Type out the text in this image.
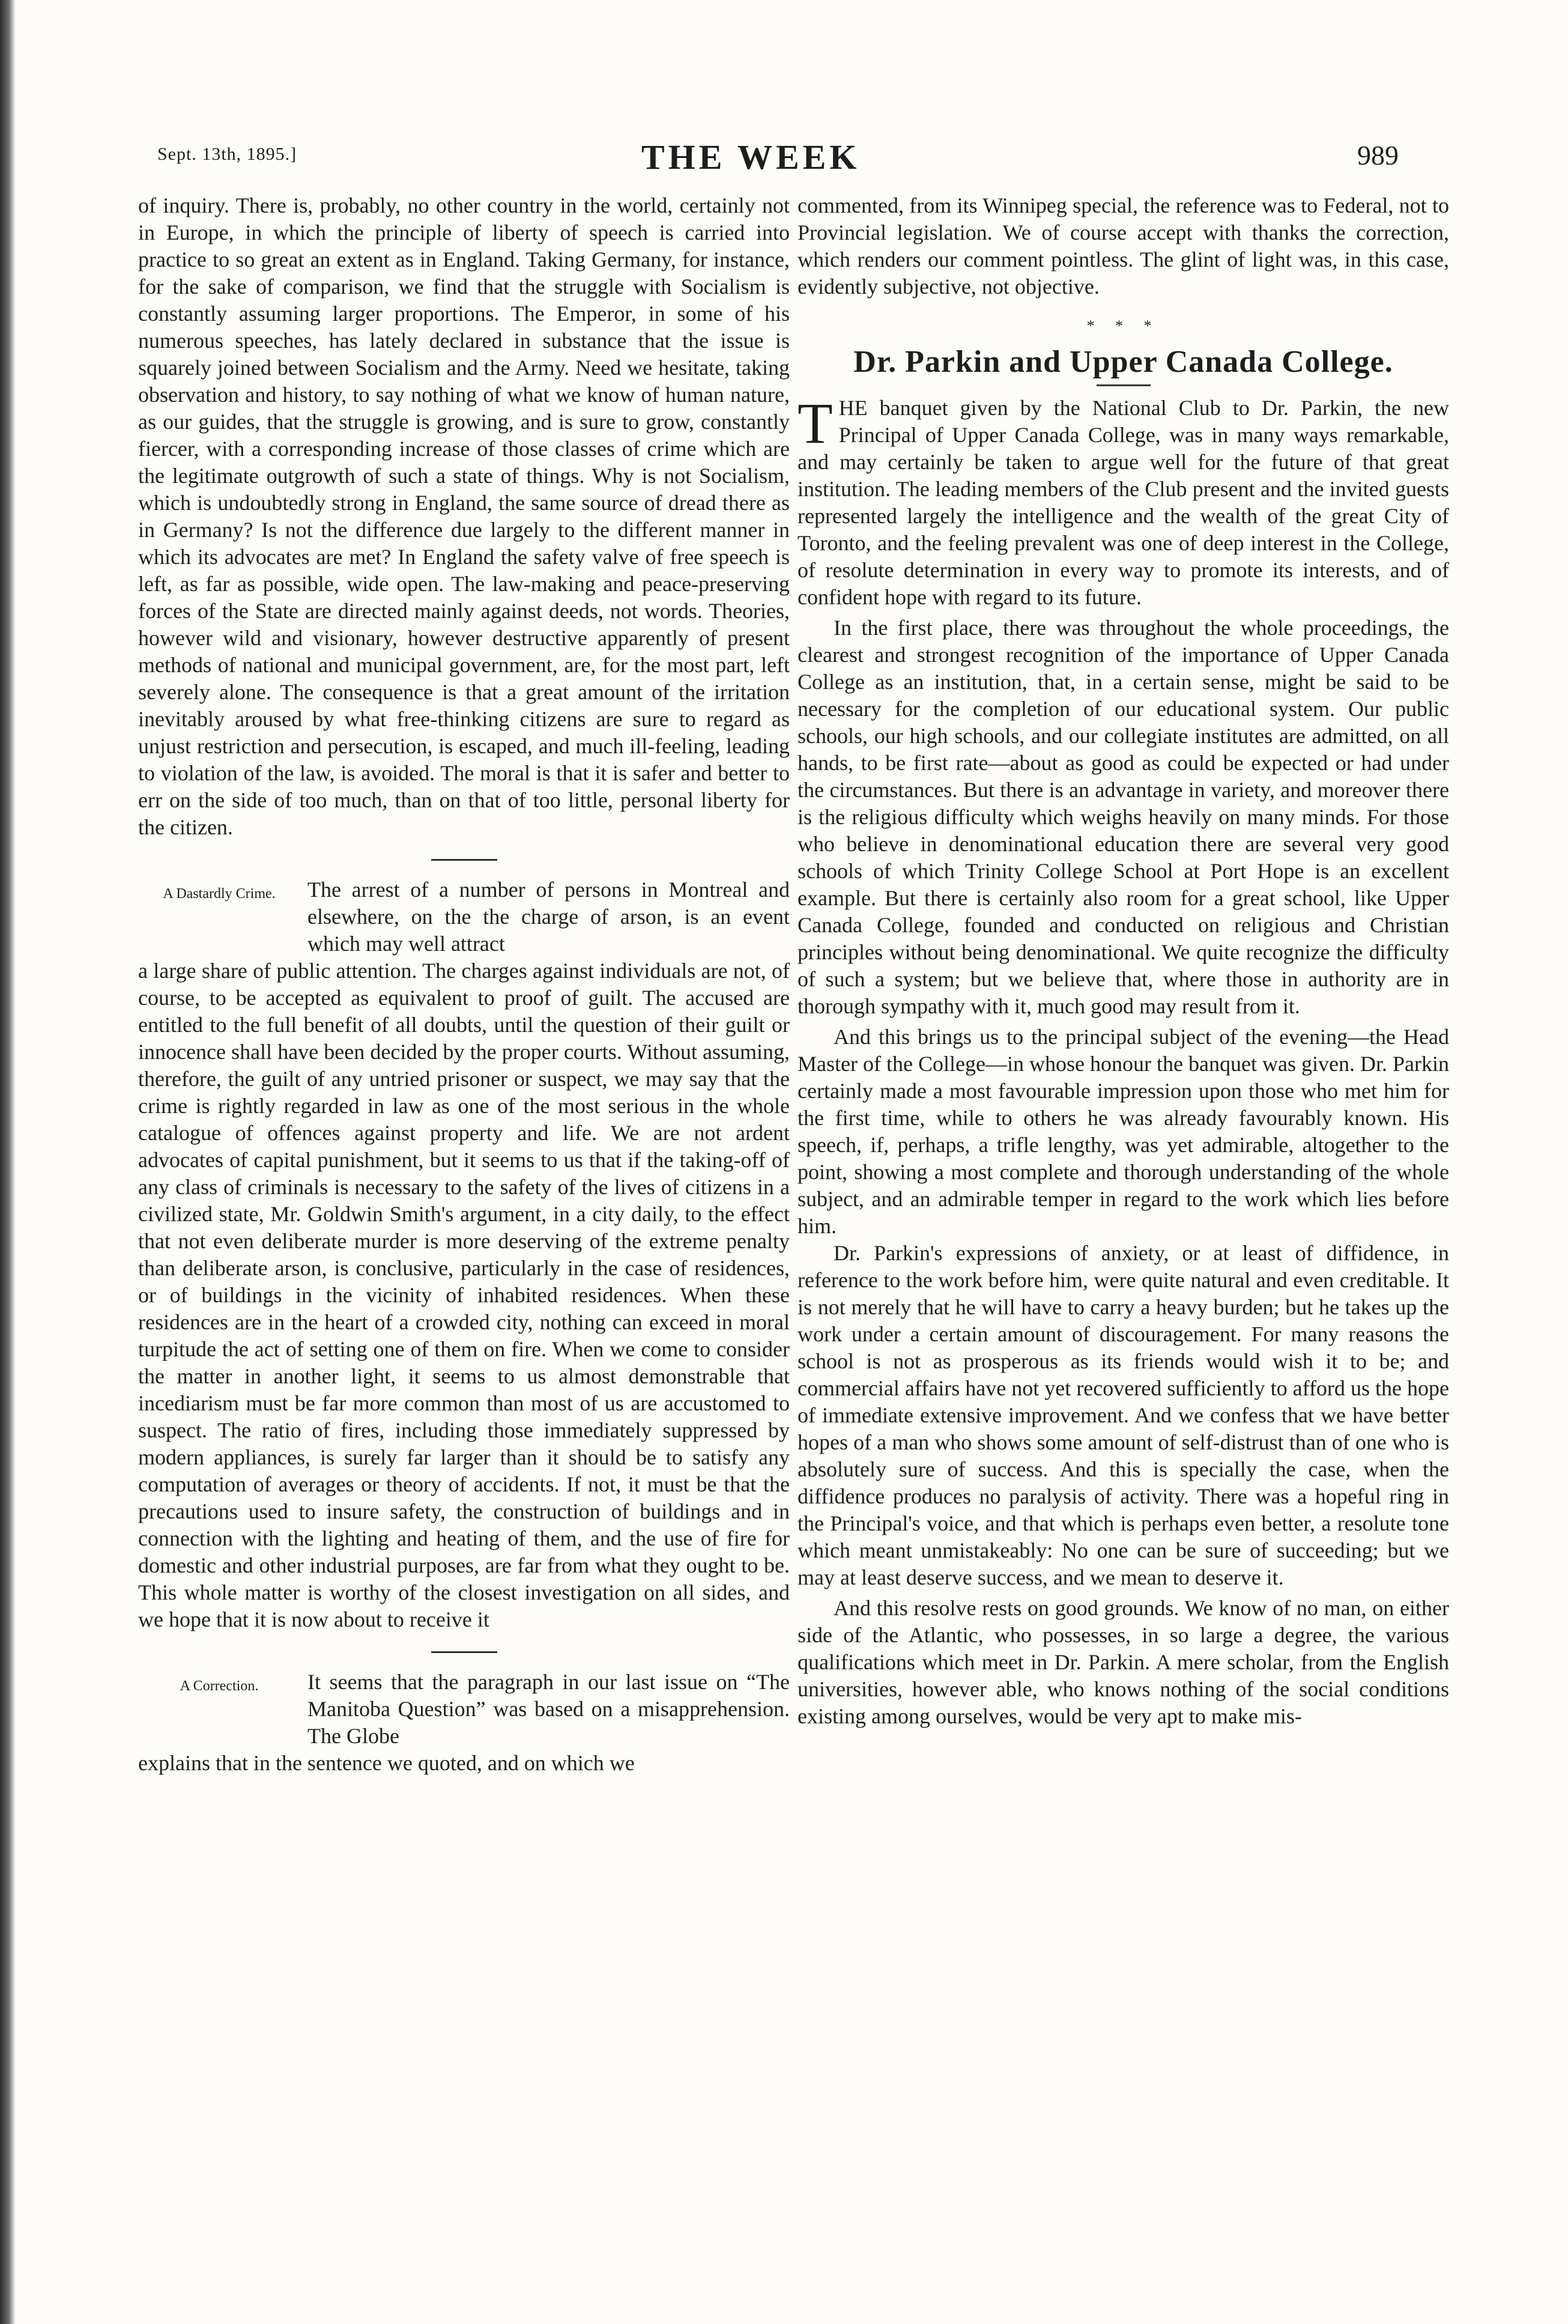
Sept. 13th, 1895.]	THE WEEK	989

of inquiry. There is, probably, no other country in the world, certainly not in Europe, in which the principle of liberty of speech is carried into practice to so great an extent as in England. Taking Germany, for instance, for the sake of comparison, we find that the struggle with Socialism is constantly assuming larger proportions. The Emperor, in some of his numerous speeches, has lately declared in substance that the issue is squarely joined between Socialism and the Army. Need we hesitate, taking observation and history, to say nothing of what we know of human nature, as our guides, that the struggle is growing, and is sure to grow, constantly fiercer, with a corresponding increase of those classes of crime which are the legitimate outgrowth of such a state of things. Why is not Socialism, which is undoubtedly strong in England, the same source of dread there as in Germany? Is not the difference due largely to the different manner in which its advocates are met? In England the safety valve of free speech is left, as far as possible, wide open. The law-making and peace-preserving forces of the State are directed mainly against deeds, not words. Theories, however wild and visionary, however destructive apparently of present methods of national and municipal government, are, for the most part, left severely alone. The consequence is that a great amount of the irritation inevitably aroused by what free-thinking citizens are sure to regard as unjust restriction and persecution, is escaped, and much ill-feeling, leading to violation of the law, is avoided. The moral is that it is safer and better to err on the side of too much, than on that of too little, personal liberty for the citizen.

A Dastardly Crime.	The arrest of a number of persons in Montreal and elsewhere, on the the charge of arson, is an event which may well attract

a large share of public attention. The charges against individuals are not, of course, to be accepted as equivalent to proof of guilt. The accused are entitled to the full benefit of all doubts, until the question of their guilt or innocence shall have been decided by the proper courts. Without assuming, therefore, the guilt of any untried prisoner or suspect, we may say that the crime is rightly regarded in law as one of the most serious in the whole catalogue of offences against property and life. We are not ardent advocates of capital punishment, but it seems to us that if the taking-off of any class of criminals is necessary to the safety of the lives of citizens in a civilized state, Mr. Goldwin Smith's argument, in a city daily, to the effect that not even deliberate murder is more deserving of the extreme penalty than deliberate arson, is conclusive, particularly in the case of residences, or of buildings in the vicinity of inhabited residences. When these residences are in the heart of a crowded city, nothing can exceed in moral turpitude the act of setting one of them on fire. When we come to consider the matter in another light, it seems to us almost demonstrable that incediarism must be far more common than most of us are accustomed to suspect. The ratio of fires, including those immediately suppressed by modern appliances, is surely far larger than it should be to satisfy any computation of averages or theory of accidents. If not, it must be that the precautions used to insure safety, the construction of buildings and in connection with the lighting and heating of them, and the use of fire for domestic and other industrial purposes, are far from what they ought to be. This whole matter is worthy of the closest investigation on all sides, and we hope that it is now about to receive it

A Correction.	It seems that the paragraph in our last issue on “The Manitoba Question” was based on a misapprehension. The Globe

explains that in the sentence we quoted, and on which we

commented, from its Winnipeg special, the reference was to Federal, not to Provincial legislation. We of course accept with thanks the correction, which renders our comment pointless. The glint of light was, in this case, evidently subjective, not objective.

* * *
Dr. Parkin and Upper Canada College.

T HE banquet given by the National Club to Dr. Parkin, the new Principal of Upper Canada College, was in many ways remarkable, and may certainly be taken to argue well for the future of that great institution. The leading members of the Club present and the invited guests represented largely the intelligence and the wealth of the great City of Toronto, and the feeling prevalent was one of deep interest in the College, of resolute determination in every way to promote its interests, and of confident hope with regard to its future.

In the first place, there was throughout the whole proceedings, the clearest and strongest recognition of the importance of Upper Canada College as an institution, that, in a certain sense, might be said to be necessary for the completion of our educational system. Our public schools, our high schools, and our collegiate institutes are admitted, on all hands, to be first rate—about as good as could be expected or had under the circumstances. But there is an advantage in variety, and moreover there is the religious difficulty which weighs heavily on many minds. For those who believe in denominational education there are several very good schools of which Trinity College School at Port Hope is an excellent example. But there is certainly also room for a great school, like Upper Canada College, founded and conducted on religious and Christian principles without being denominational. We quite recognize the difficulty of such a system; but we believe that, where those in authority are in thorough sympathy with it, much good may result from it.

And this brings us to the principal subject of the evening—the Head Master of the College—in whose honour the banquet was given. Dr. Parkin certainly made a most favourable impression upon those who met him for the first time, while to others he was already favourably known. His speech, if, perhaps, a trifle lengthy, was yet admirable, altogether to the point, showing a most complete and thorough understanding of the whole subject, and an admirable temper in regard to the work which lies before him.

Dr. Parkin's expressions of anxiety, or at least of diffidence, in reference to the work before him, were quite natural and even creditable. It is not merely that he will have to carry a heavy burden; but he takes up the work under a certain amount of discouragement. For many reasons the school is not as prosperous as its friends would wish it to be; and commercial affairs have not yet recovered sufficiently to afford us the hope of immediate extensive improvement. And we confess that we have better hopes of a man who shows some amount of self-distrust than of one who is absolutely sure of success. And this is specially the case, when the diffidence produces no paralysis of activity. There was a hopeful ring in the Principal's voice, and that which is perhaps even better, a resolute tone which meant unmistakeably: No one can be sure of succeeding; but we may at least deserve success, and we mean to deserve it.

And this resolve rests on good grounds. We know of no man, on either side of the Atlantic, who possesses, in so large a degree, the various qualifications which meet in Dr. Parkin. A mere scholar, from the English universities, however able, who knows nothing of the social conditions existing among ourselves, would be very apt to make mis-
